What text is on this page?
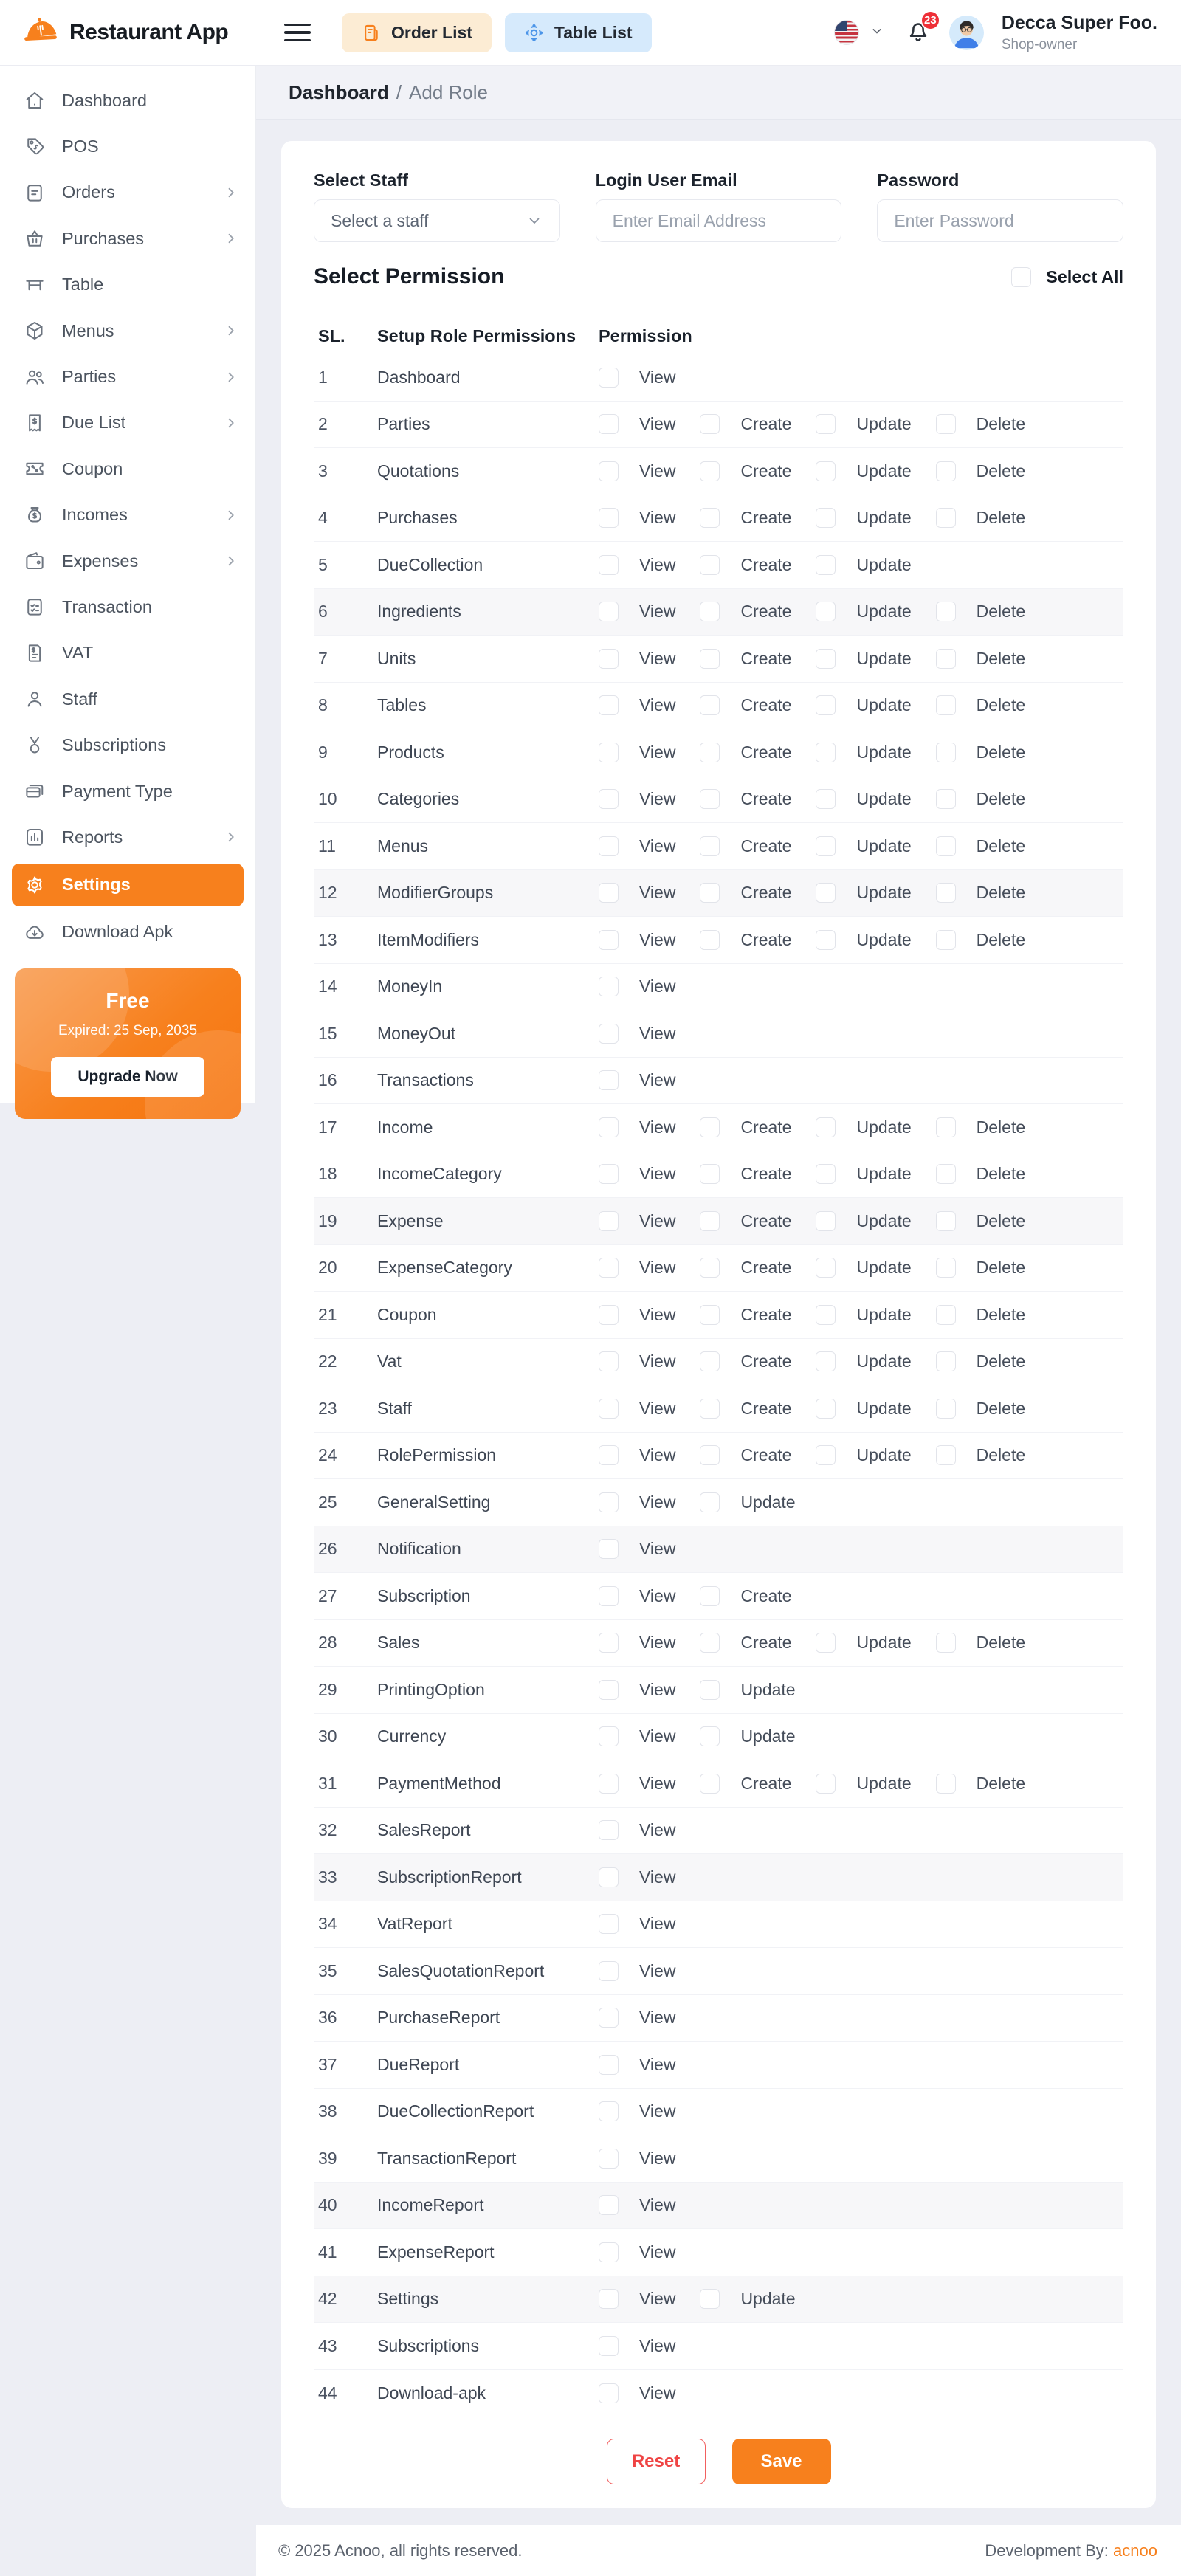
Restaurant App	Order List	Table List
23	Decca Super Foo.
Shop-owner
Dashboard
POS
Orders
Purchases
Table
Menus
Parties
Due List
Coupon
Incomes
Expenses
Transaction
VAT
Staff
Subscriptions
Payment Type
Reports
Settings
Download Apk
Free
Expired: 25 Sep, 2035
Upgrade Now
Dashboard / Add Role
Select Staff
Select a staff
Login User Email
Enter Email Address	Password
Enter Password
Select Permission	Select All
SL.	Setup Role Permissions	Permission
1	Dashboard	View
2	Parties	View	Create	Update	Delete
3	Quotations	View	Create	Update	Delete
4	Purchases	View	Create	Update	Delete
5	DueCollection	View	Create	Update
6	Ingredients	View	Create	Update	Delete
7	Units	View	Create	Update	Delete
8	Tables	View	Create	Update	Delete
9	Products	View	Create	Update	Delete
10	Categories	View	Create	Update	Delete
11	Menus	View	Create	Update	Delete
12	ModifierGroups	View	Create	Update	Delete
13	ItemModifiers	View	Create	Update	Delete
14	MoneyIn	View
15	MoneyOut	View
16	Transactions	View
17	Income	View	Create	Update	Delete
18	IncomeCategory	View	Create	Update	Delete
19	Expense	View	Create	Update	Delete
20	ExpenseCategory	View	Create	Update	Delete
21	Coupon	View	Create	Update	Delete
22	Vat	View	Create	Update	Delete
23	Staff	View	Create	Update	Delete
24	RolePermission	View	Create	Update	Delete
25	GeneralSetting	View	Update
26	Notification	View
27	Subscription	View	Create
28	Sales	View	Create	Update	Delete
29	PrintingOption	View	Update
30	Currency	View	Update
31	PaymentMethod	View	Create	Update	Delete
32	SalesReport	View
33	SubscriptionReport	View
34	VatReport	View
35	SalesQuotationReport	View
36	PurchaseReport	View
37	DueReport	View
38	DueCollectionReport	View
39	TransactionReport	View
40	IncomeReport	View
41	ExpenseReport	View
42	Settings	View	Update
43	Subscriptions	View
44	Download-apk	View
Reset	Save
© 2025 Acnoo, all rights reserved.	Development By: acnoo
